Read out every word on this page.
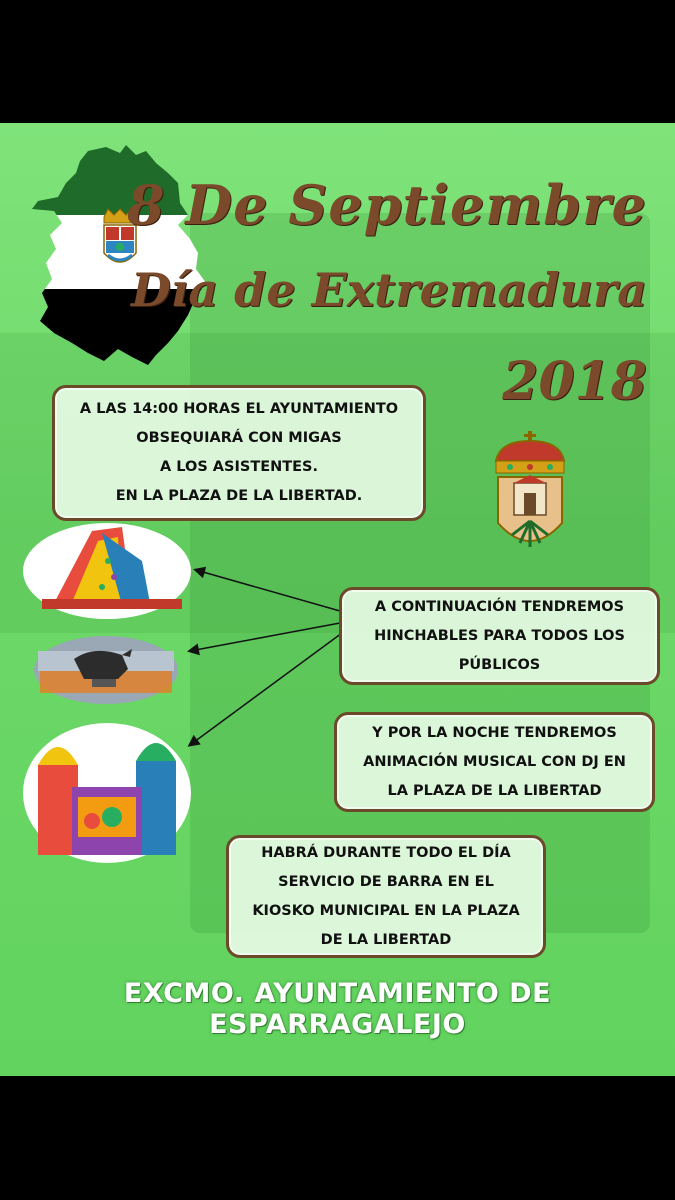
8 De Septiembre
Día de Extremadura
2018
A LAS 14:00 HORAS EL AYUNTAMIENTO
OBSEQUIARÁ CON MIGAS
A LOS ASISTENTES.
EN LA PLAZA DE LA LIBERTAD.
A CONTINUACIÓN TENDREMOS
HINCHABLES PARA TODOS LOS
PÚBLICOS
Y POR LA NOCHE TENDREMOS
ANIMACIÓN MUSICAL CON DJ EN
LA PLAZA DE LA LIBERTAD
HABRÁ DURANTE TODO EL DÍA
SERVICIO DE BARRA EN EL
KIOSKO MUNICIPAL EN LA PLAZA
DE LA LIBERTAD
EXCMO. AYUNTAMIENTO DE ESPARRAGALEJO
